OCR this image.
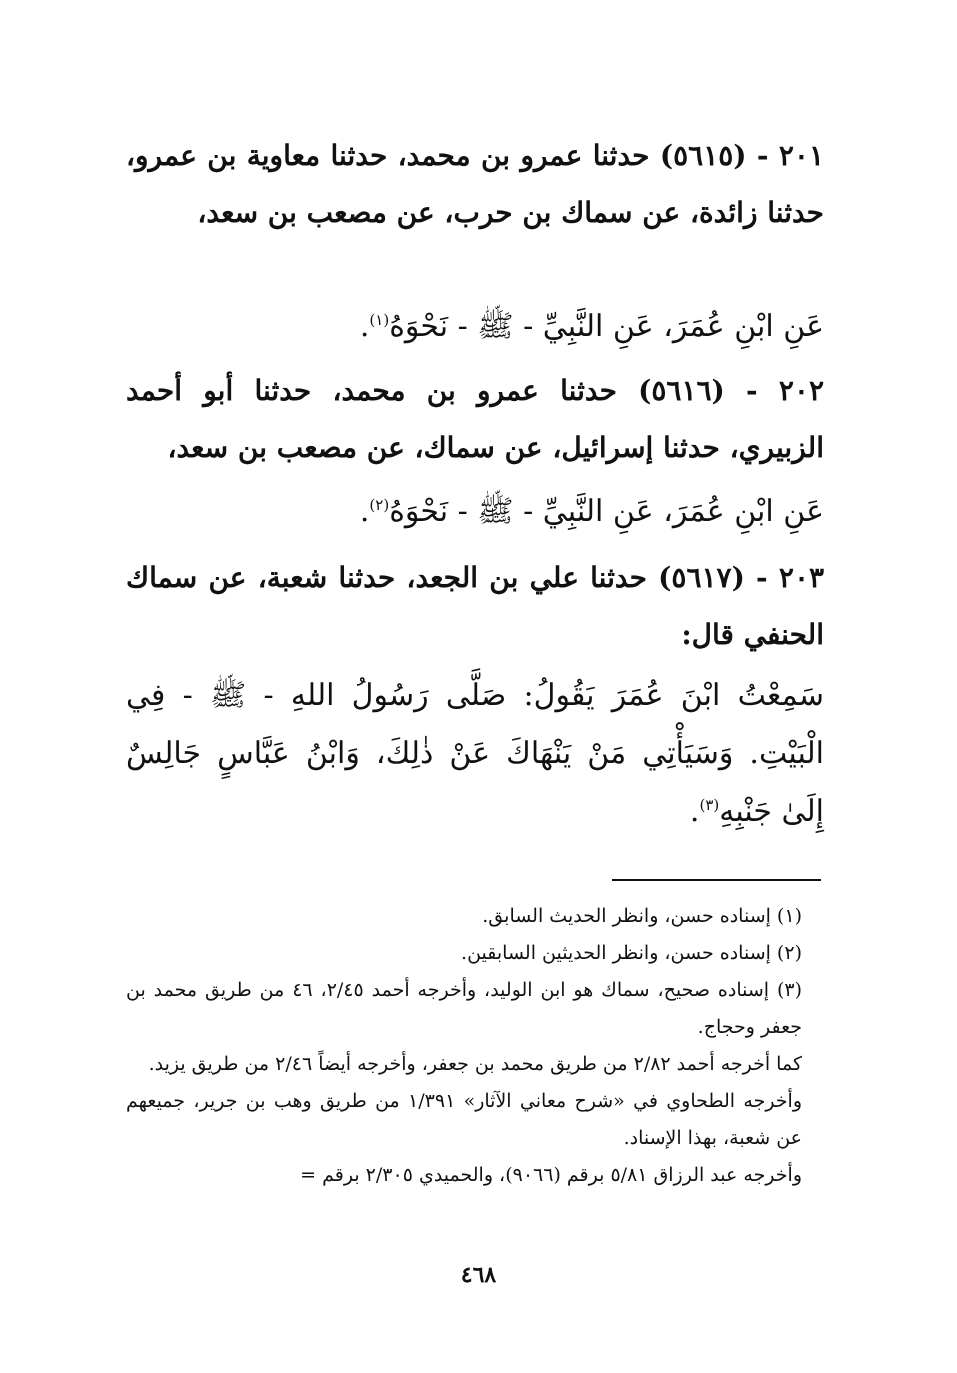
٢٠١ - (٥٦١٥) حدثنا عمرو بن محمد، حدثنا معاوية بن عمرو، حدثنا زائدة، عن سماك بن حرب، عن مصعب بن سعد،
عَنِ ابْنِ عُمَرَ، عَنِ النَّبِيِّ - ﷺ - نَحْوَهُ$^{(١)}$.
٢٠٢ - (٥٦١٦) حدثنا عمرو بن محمد، حدثنا أبو أحمد الزبيري، حدثنا إسرائيل، عن سماك، عن مصعب بن سعد،
عَنِ ابْنِ عُمَرَ، عَنِ النَّبِيِّ - ﷺ - نَحْوَهُ$^{(٢)}$.
٢٠٣ - (٥٦١٧) حدثنا علي بن الجعد، حدثنا شعبة، عن سماك الحنفي قال:
سَمِعْتُ ابْنَ عُمَرَ يَقُولُ: صَلَّى رَسُولُ اللهِ - ﷺ - فِي الْبَيْتِ. وَسَيَأْتِي مَنْ يَنْهَاكَ عَنْ ذٰلِكَ، وَابْنُ عَبَّاسٍ جَالِسٌ إِلَىٰ جَنْبِهِ$^{(٣)}$.
(١) إسناده حسن، وانظر الحديث السابق.
(٢) إسناده حسن، وانظر الحديثين السابقين.
(٣) إسناده صحيح، سماك هو ابن الوليد، وأخرجه أحمد ٢/٤٥، ٤٦ من طريق محمد بن جعفر وحجاج.
كما أخرجه أحمد ٢/٨٢ من طريق محمد بن جعفر، وأخرجه أيضاً ٢/٤٦ من طريق يزيد.
وأخرجه الطحاوي في «شرح معاني الآثار» ١/٣٩١ من طريق وهب بن جرير، جميعهم عن شعبة، بهذا الإسناد.
وأخرجه عبد الرزاق ٥/٨١ برقم (٩٠٦٦)، والحميدي ٢/٣٠٥ برقم =
٤٦٨
